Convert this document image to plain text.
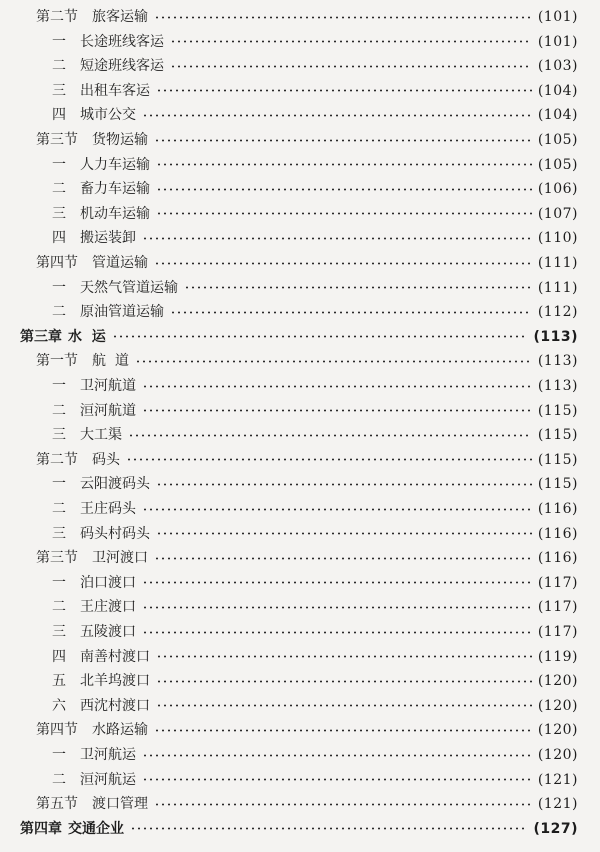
第二节 旅客运输	(101)
一 长途班线客运	(101)
二 短途班线客运	(103)
三 出租车客运	(104)
四 城市公交	(104)
第三节 货物运输	(105)
一 人力车运输	(105)
二 畜力车运输	(106)
三 机动车运输	(107)
四 搬运装卸	(110)
第四节 管道运输	(111)
一 天然气管道运输	(111)
二 原油管道运输	(112)
第三章 水  运	(113)
第一节 航  道	(113)
一 卫河航道	(113)
二 洹河航道	(115)
三 大工渠	(115)
第二节 码头	(115)
一 云阳渡码头	(115)
二 王庄码头	(116)
三 码头村码头	(116)
第三节 卫河渡口	(116)
一 泊口渡口	(117)
二 王庄渡口	(117)
三 五陵渡口	(117)
四 南善村渡口	(119)
五 北羊坞渡口	(120)
六 西沈村渡口	(120)
第四节 水路运输	(120)
一 卫河航运	(120)
二 洹河航运	(121)
第五节 渡口管理	(121)
第四章 交通企业	(127)
